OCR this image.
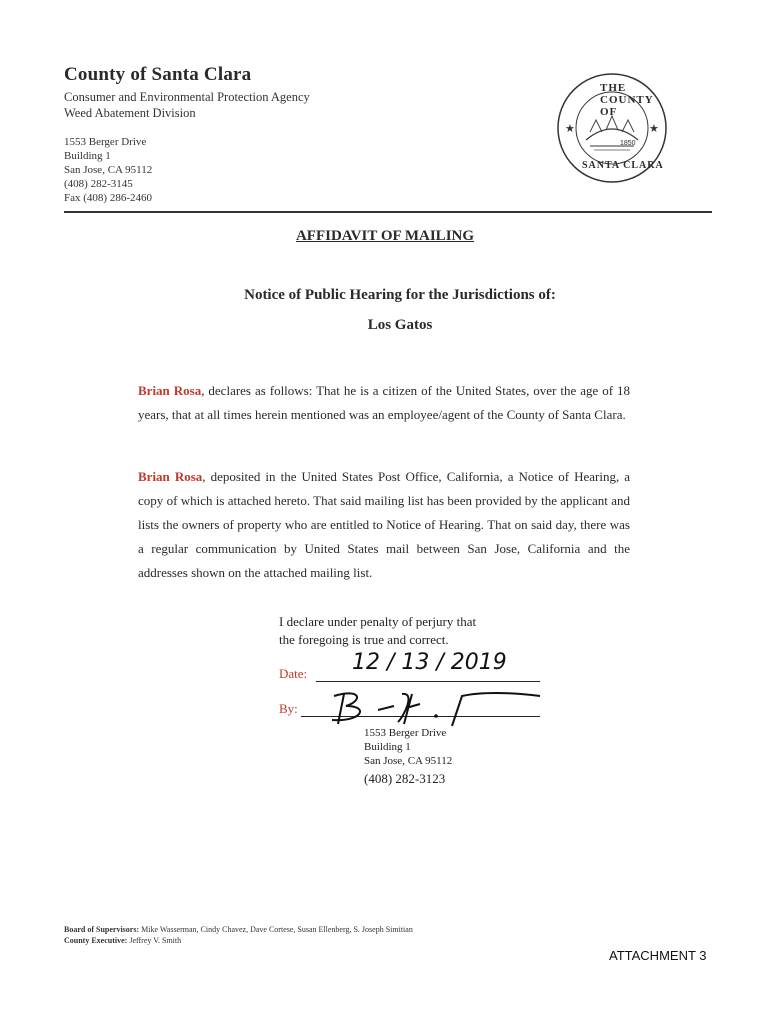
County of Santa Clara
Consumer and Environmental Protection Agency
Weed Abatement Division
1553 Berger Drive
Building 1
San Jose, CA 95112
(408) 282-3145
Fax (408) 286-2460
★	★
THE COUNTY OF
SANTA CLARA
1850
AFFIDAVIT OF MAILING
Notice of Public Hearing for the Jurisdictions of:
Los Gatos
Brian Rosa, declares as follows: That he is a citizen of the United States, over the age of 18 years, that at all times herein mentioned was an employee/agent of the County of Santa Clara.
Brian Rosa, deposited in the United States Post Office, California, a Notice of Hearing, a copy of which is attached hereto. That said mailing list has been provided by the applicant and lists the owners of property who are entitled to Notice of Hearing. That on said day, there was a regular communication by United States mail between San Jose, California and the addresses shown on the attached mailing list.
I declare under penalty of perjury that
the foregoing is true and correct.
Date: 12 / 13 / 2019
By:
1553 Berger Drive
Building 1
San Jose, CA 95112
(408) 282-3123
Board of Supervisors: Mike Wasserman, Cindy Chavez, Dave Cortese, Susan Ellenberg, S. Joseph Simitian
County Executive: Jeffrey V. Smith
ATTACHMENT 3
